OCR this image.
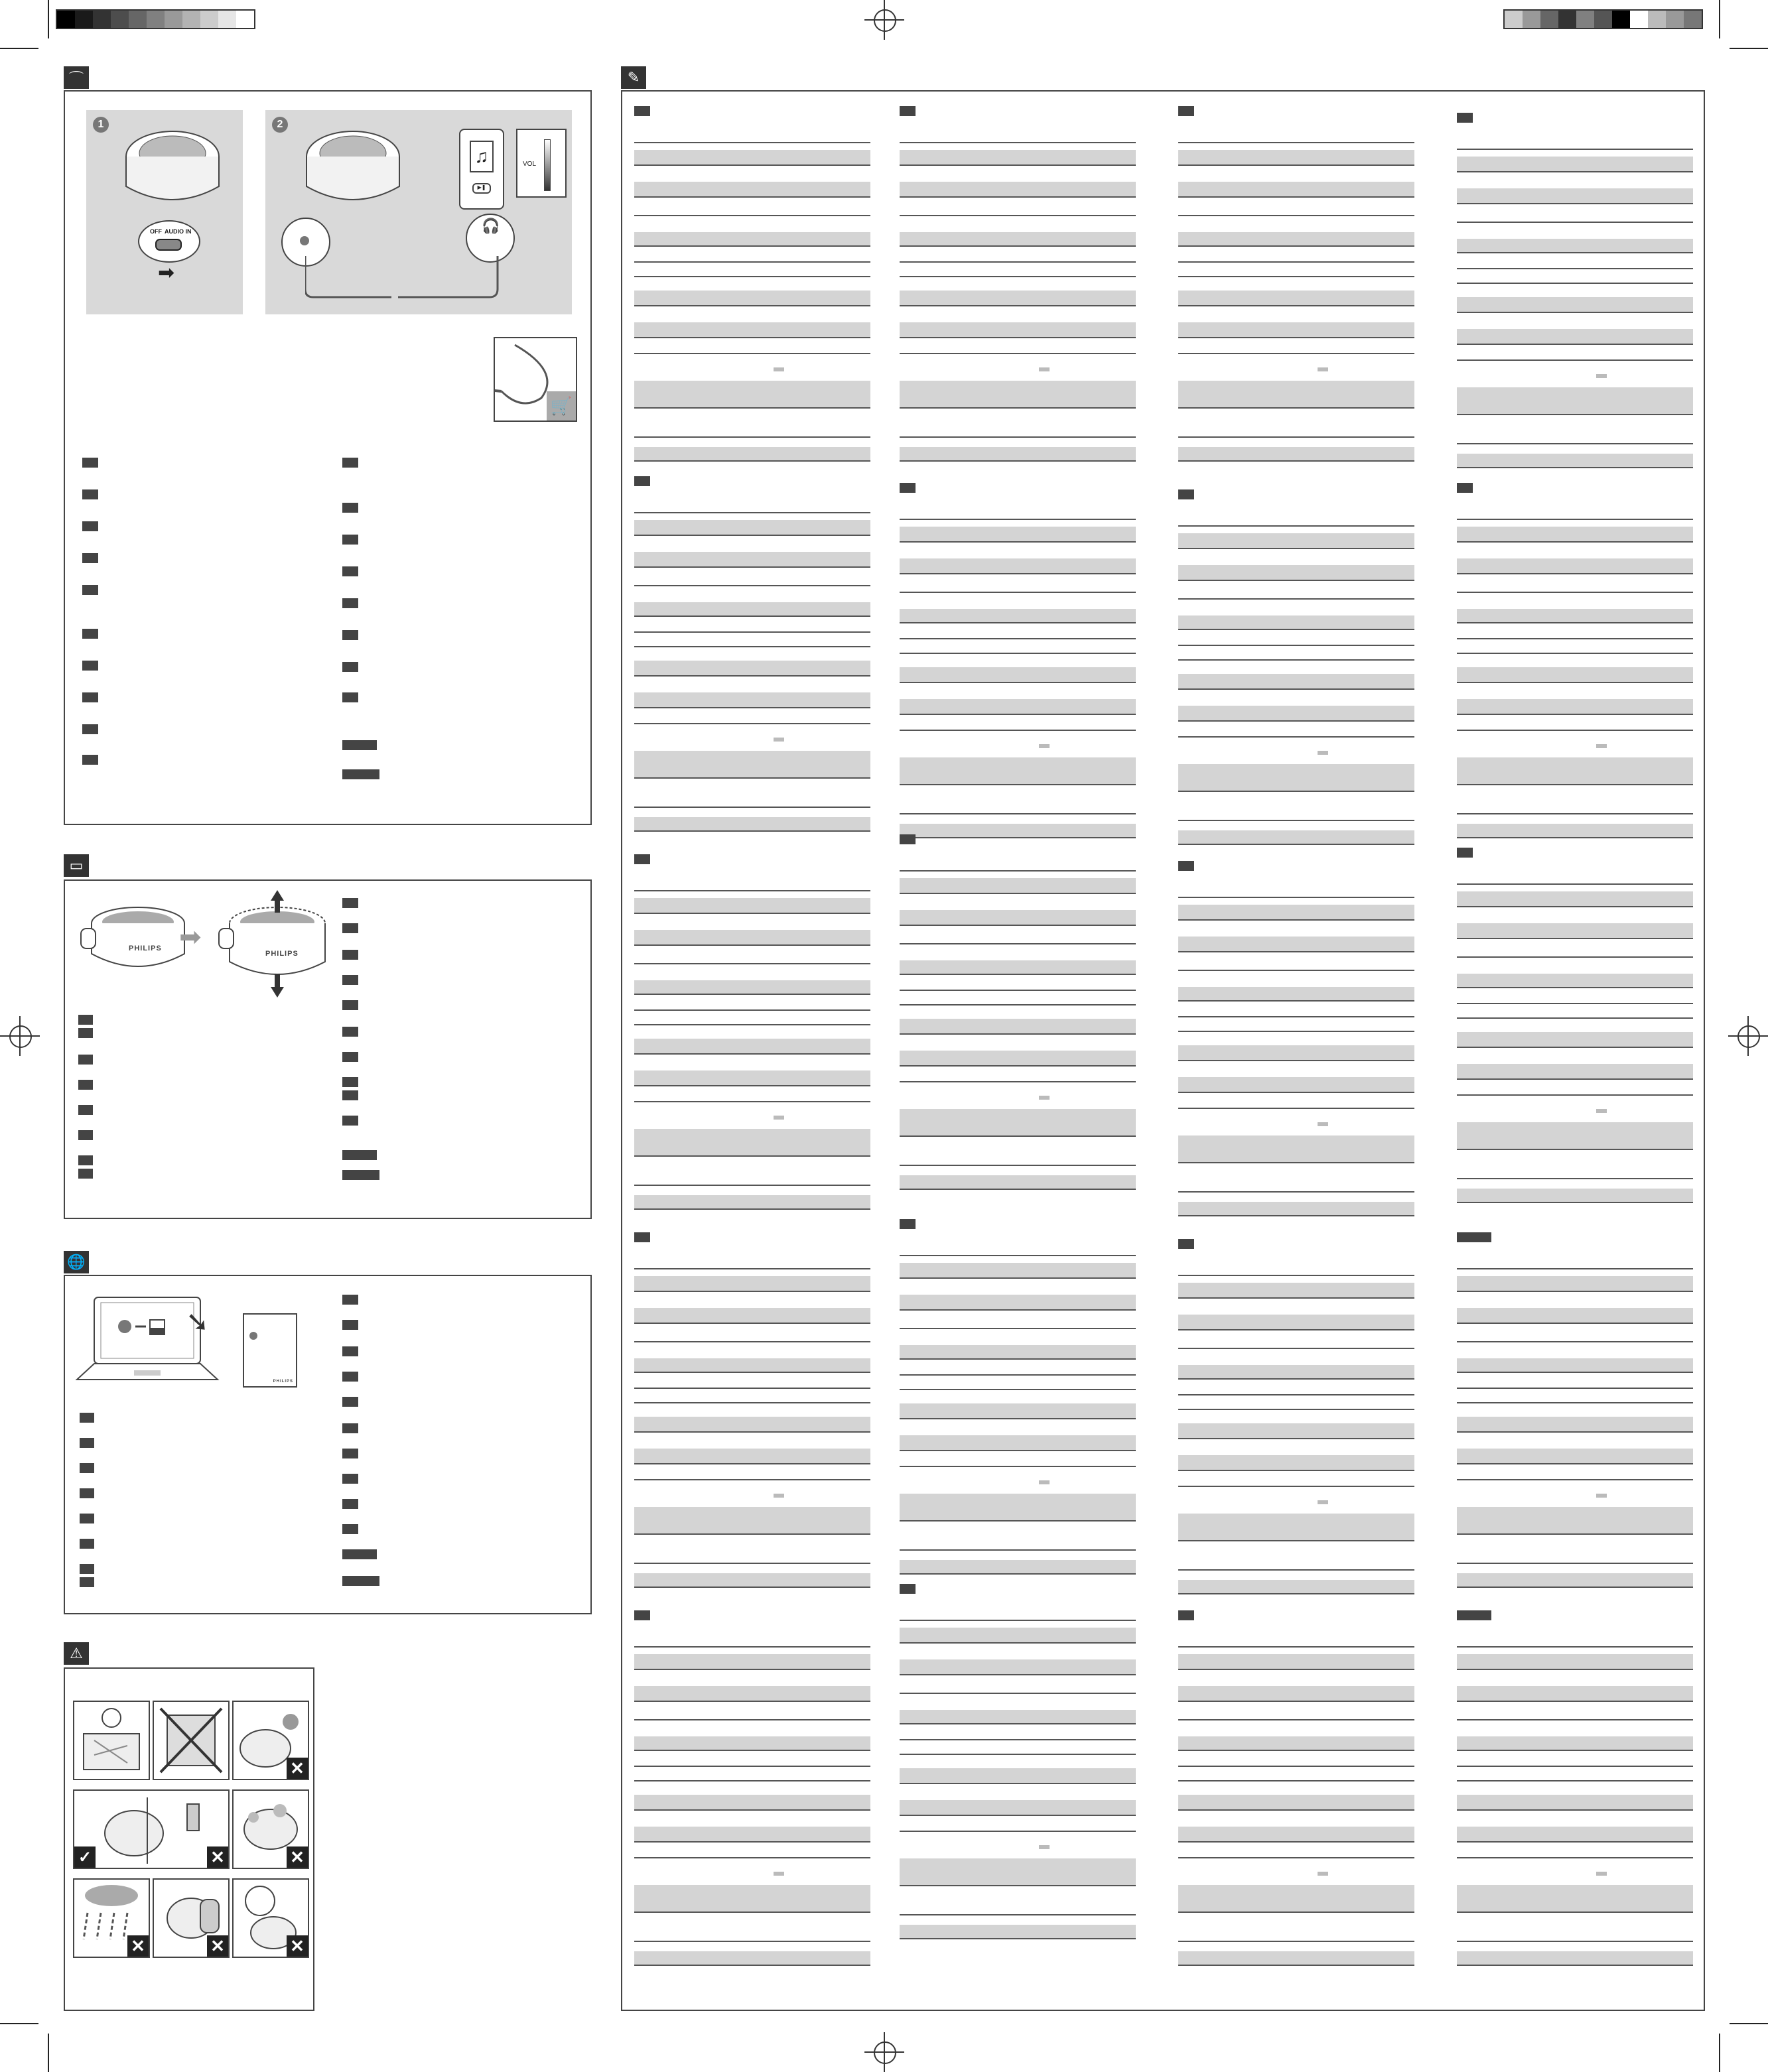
⌒
1
OFF AUDIO IN
➡
2
🎧
♫
▶❚
VOL
🛒
▭
PHILIPS ➡
PHILIPS
🌐
➘
PHILIPS
⚠
✕
✓	✕	✕
✕	✕	✕
✎
